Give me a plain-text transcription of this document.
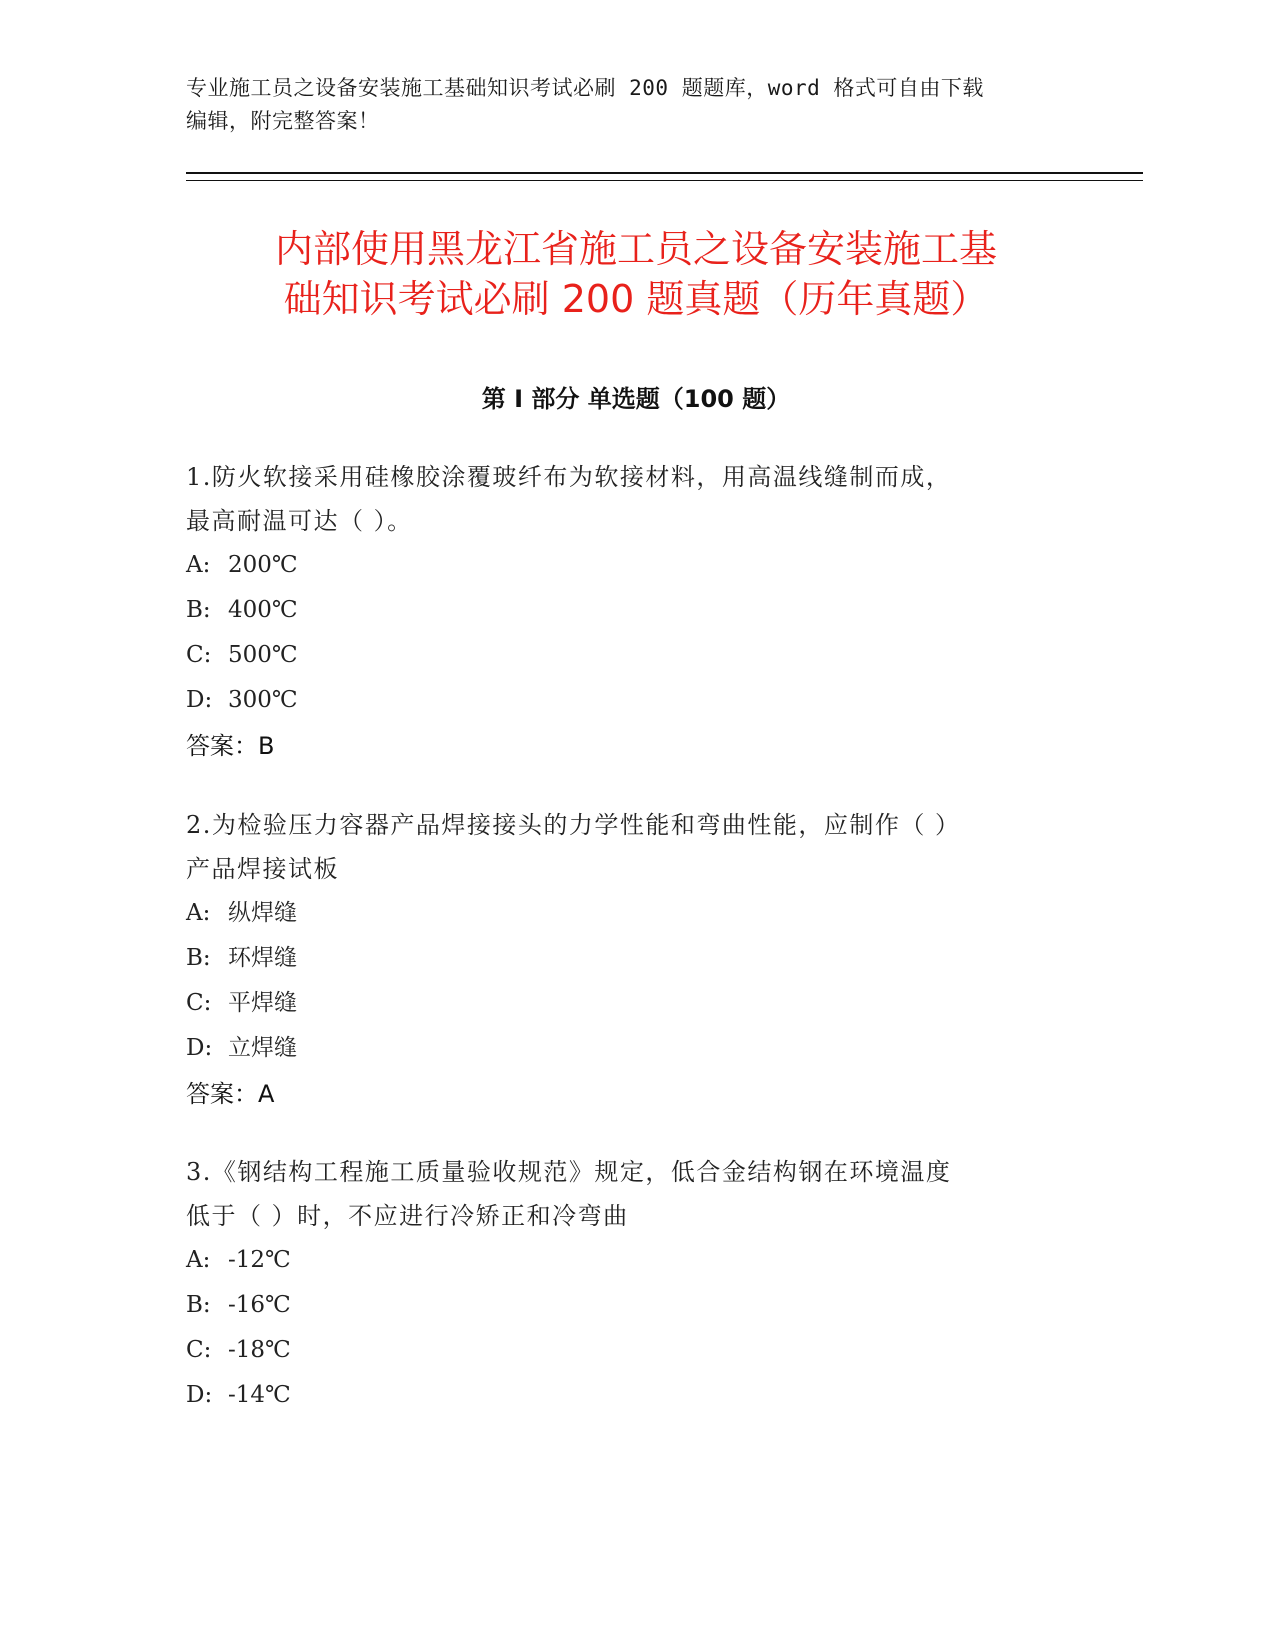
专业施工员之设备安装施工基础知识考试必刷 200 题题库，word 格式可自由下载
编辑，附完整答案！
内部使用黑龙江省施工员之设备安装施工基
础知识考试必刷 200 题真题（历年真题）
第 I 部分 单选题（100 题）
1.防火软接采用硅橡胶涂覆玻纤布为软接材料，用高温线缝制而成，
最高耐温可达（ ）。
A: 200℃
B: 400℃
C: 500℃
D: 300℃
答案：B
2.为检验压力容器产品焊接接头的力学性能和弯曲性能，应制作（ ）
产品焊接试板
A: 纵焊缝
B: 环焊缝
C: 平焊缝
D: 立焊缝
答案：A
3.《钢结构工程施工质量验收规范》规定，低合金结构钢在环境温度
低于（ ）时，不应进行冷矫正和冷弯曲
A: -12℃
B: -16℃
C: -18℃
D: -14℃
